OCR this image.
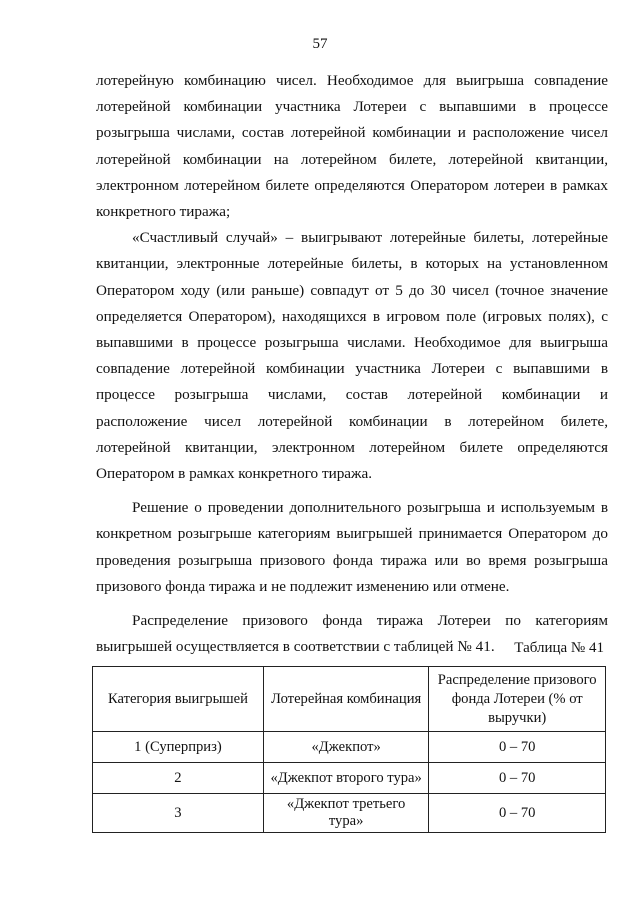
57

лотерейную комбинацию чисел. Необходимое для выигрыша совпадение лотерейной комбинации участника Лотереи с выпавшими в процессе розыгрыша числами, состав лотерейной комбинации и расположение чисел лотерейной комбинации на лотерейном билете, лотерейной квитанции, электронном лотерейном билете определяются Оператором лотереи в рамках конкретного тиража;

«Счастливый случай» – выигрывают лотерейные билеты, лотерейные квитанции, электронные лотерейные билеты, в которых на установленном Оператором ходу (или раньше) совпадут от 5 до 30 чисел (точное значение определяется Оператором), находящихся в игровом поле (игровых полях), с выпавшими в процессе розыгрыша числами. Необходимое для выигрыша совпадение лотерейной комбинации участника Лотереи с выпавшими в процессе розыгрыша числами, состав лотерейной комбинации и расположение чисел лотерейной комбинации в лотерейном билете, лотерейной квитанции, электронном лотерейном билете определяются Оператором в рамках конкретного тиража.

Решение о проведении дополнительного розыгрыша и используемым в конкретном розыгрыше категориям выигрышей принимается Оператором до проведения розыгрыша призового фонда тиража или во время розыгрыша призового фонда тиража и не подлежит изменению или отмене.

Распределение призового фонда тиража Лотереи по категориям выигрышей осуществляется в соответствии с таблицей № 41.	Таблица № 41
Категория выигрышей	Лотерейная комбинация	Распределение призового фонда Лотереи (% от выручки)
1 (Суперприз)	«Джекпот»	0 – 70
2	«Джекпот второго тура»	0 – 70
3	«Джекпот третьего тура»	0 – 70
